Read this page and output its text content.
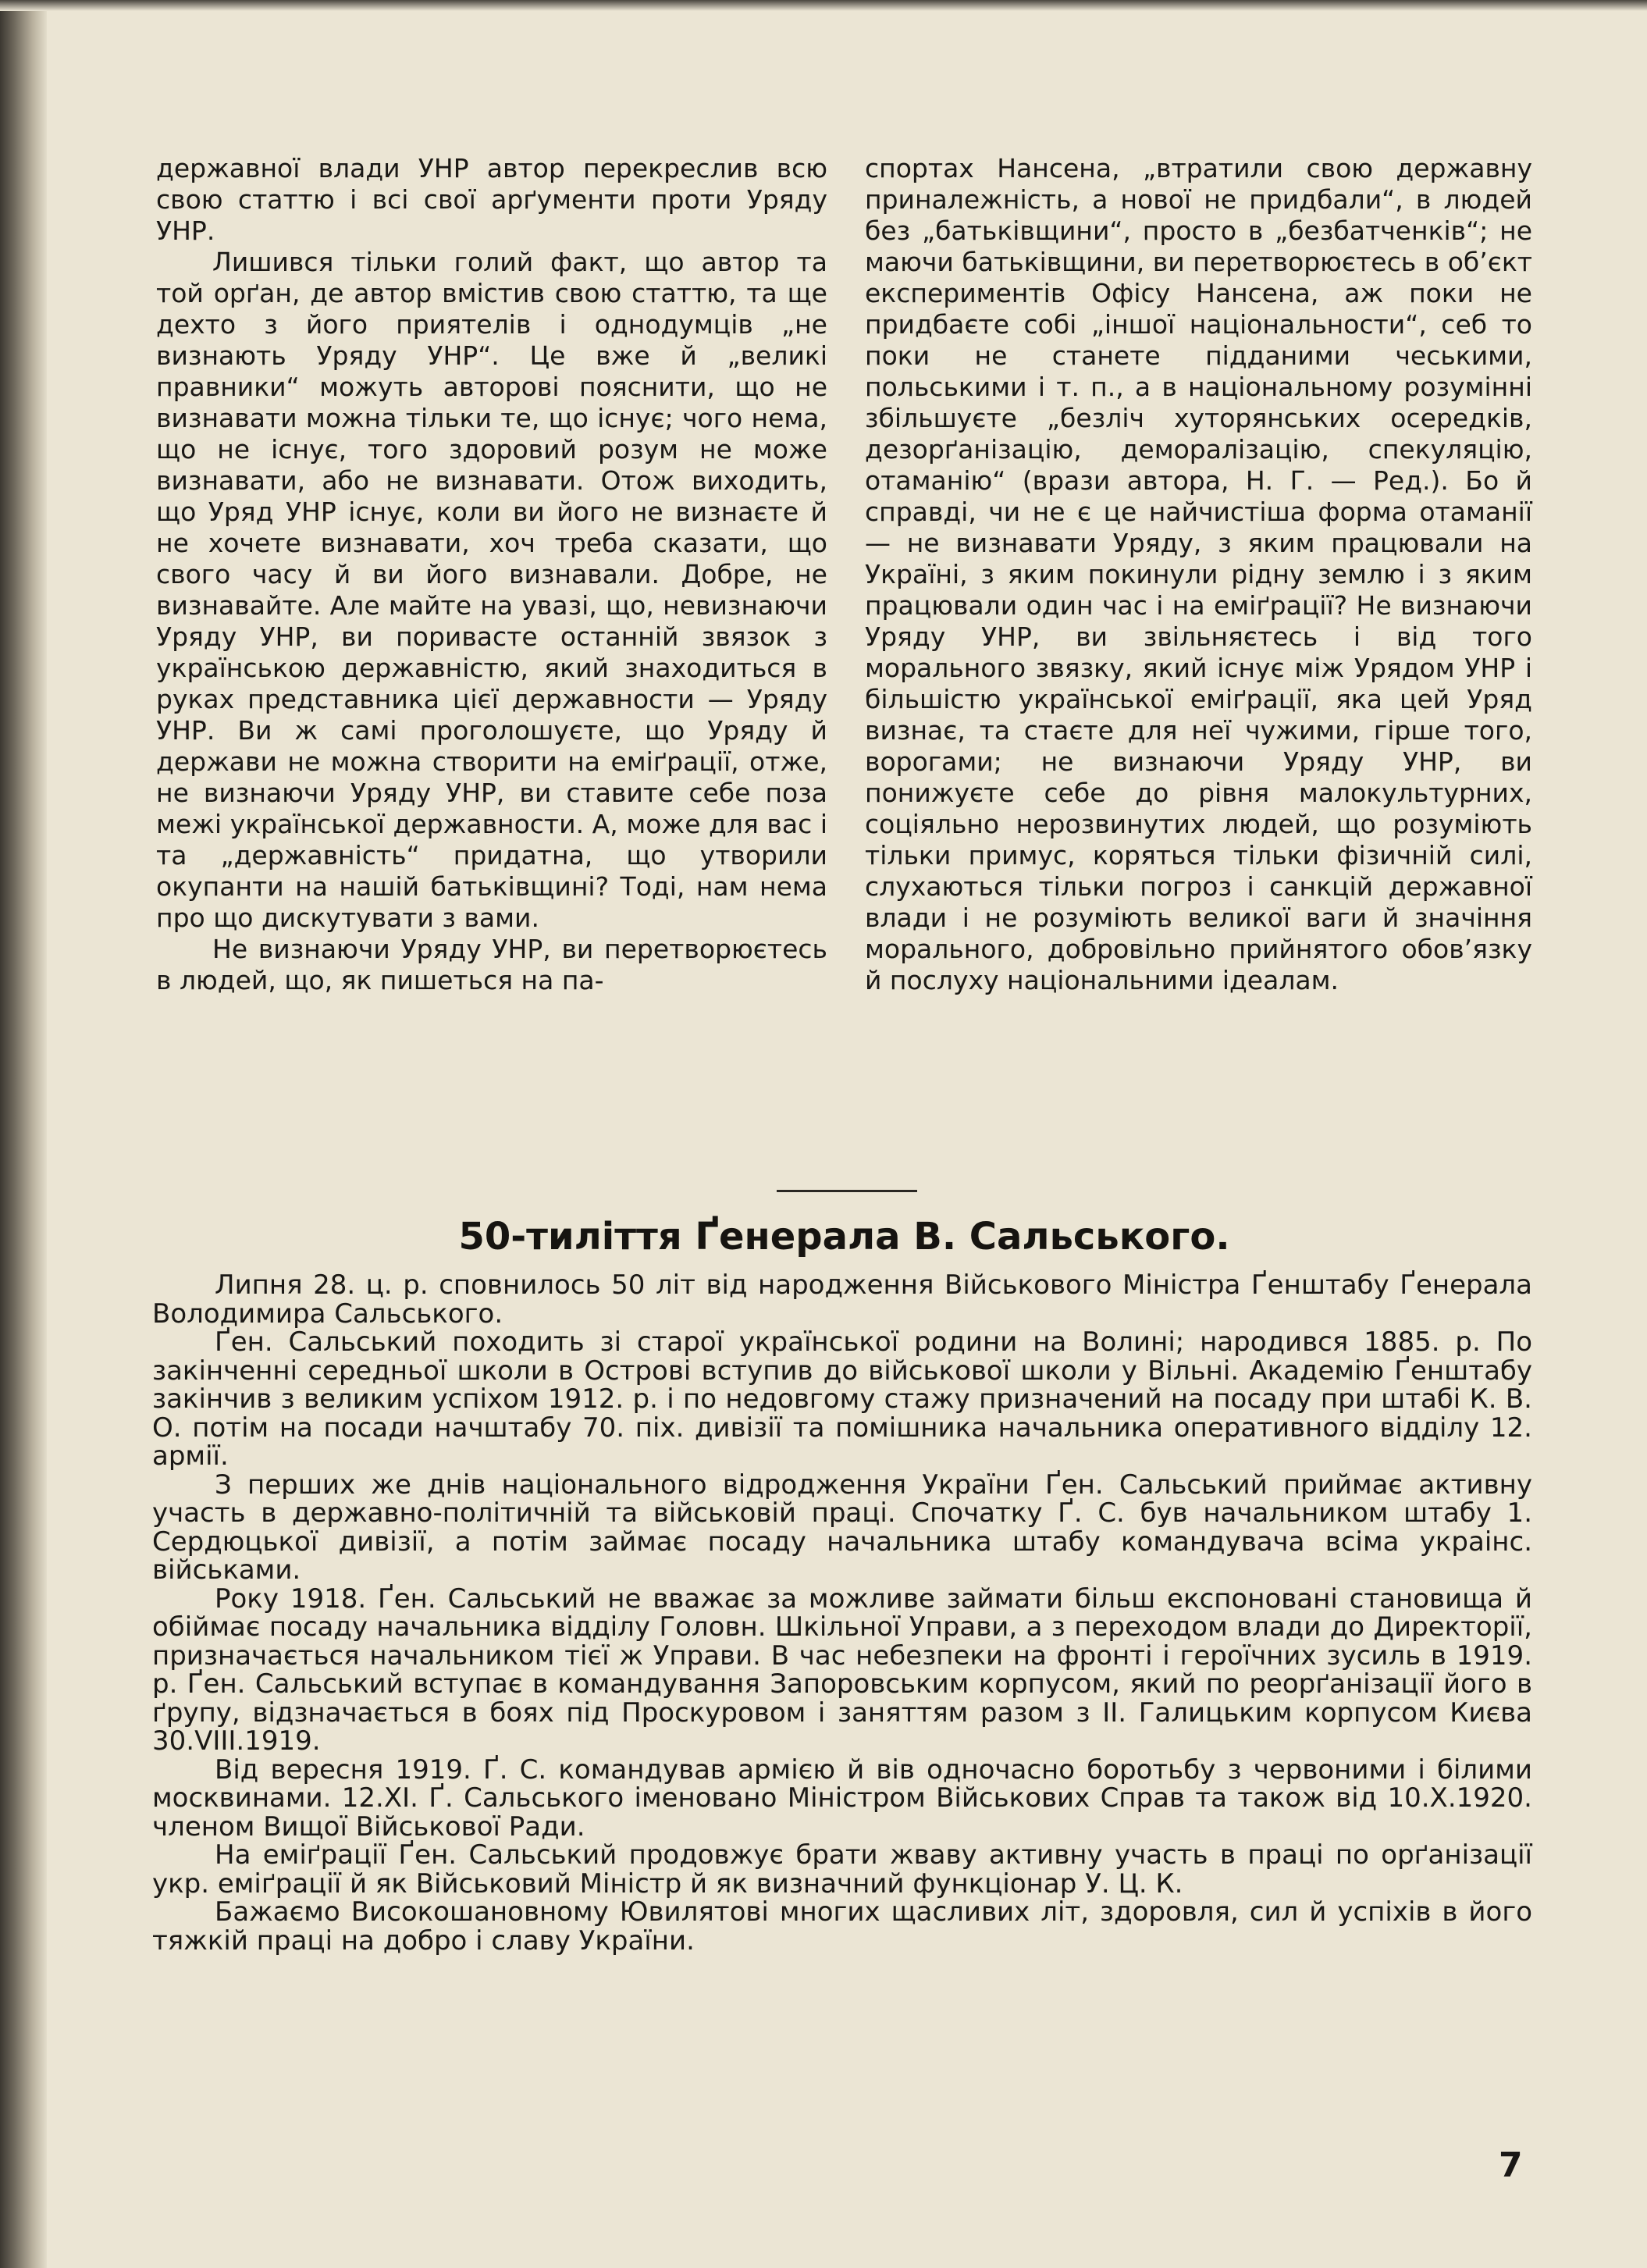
державної влади УНР автор перекреслив всю свою статтю і всі свої арґументи проти Уряду УНР.

Лишився тільки голий факт, що автор та той орґан, де автор вмістив свою статтю, та ще дехто з його приятелів і однодумців „не визнають Уряду УНР“. Це вже й „великі правники“ можуть авторові пояснити, що не визнавати можна тільки те, що існує; чого нема, що не існує, того здоровий розум не може визнавати, або не визнавати. Отож виходить, що Уряд УНР існує, коли ви його не визнаєте й не хочете визнавати, хоч треба сказати, що свого часу й ви його визнавали. Добре, не визнавайте. Але майте на увазі, що, невизнаючи Уряду УНР, ви поривасте останній звязок з українською державністю, який знаходиться в руках представника цієї державности — Уряду УНР. Ви ж самі проголошуєте, що Уряду й держави не можна створити на еміґрації, отже, не визнаючи Уряду УНР, ви ставите себе поза межі української державности. А, може для вас і та „державність“ придатна, що утворили окупанти на нашій батьківщині? Тоді, нам нема про що дискутувати з вами.

Не визнаючи Уряду УНР, ви перетворюєтесь в людей, що, як пишеться на па-

спортах Нансена, „втратили свою державну приналежність, а нової не придбали“, в людей без „батьківщини“, просто в „безбатченків“; не маючи батьківщини, ви перетворюєтесь в об’єкт експериментів Офісу Нансена, аж поки не придбаєте собі „іншої національности“, себ то поки не станете підданими чеськими, польськими і т. п., а в національному розумінні збільшуєте „безліч хуторянських осередків, дезорґанізацію, деморалізацію, спекуляцію, отаманію“ (врази автора, Н. Г. — Ред.). Бо й справді, чи не є це найчистіша форма отаманії — не визнавати Уряду, з яким працювали на Україні, з яким покинули рідну землю і з яким працювали один час і на еміґрації? Не визнаючи Уряду УНР, ви звільняєтесь і від того морального звязку, який існує між Урядом УНР і більшістю української еміґрації, яка цей Уряд визнає, та стаєте для неї чужими, гірше того, ворогами; не визнаючи Уряду УНР, ви понижуєте себе до рівня малокультурних, соціяльно нерозвинутих людей, що розуміють тільки примус, коряться тільки фізичній силі, слухаються тільки погроз і санкцій державної влади і не розуміють великої ваги й значіння морального, добровільно прийнятого обов’язку й послуху національними ідеалам.

50-тиліття Ґенерала В. Сальського.

Липня 28. ц. р. сповнилось 50 літ від народження Військового Міністра Ґенштабу Ґенерала Володимира Сальського.

Ґен. Сальський походить зі старої української родини на Волині; народився 1885. р. По закінченні середньої школи в Острові вступив до військової школи у Вільні. Академію Ґенштабу закінчив з великим успіхом 1912. р. і по недовгому стажу призначений на посаду при штабі К. В. О. потім на посади начштабу 70. піх. дивізії та помішника начальника оперативного відділу 12. армії.

З перших же днів національного відродження України Ґен. Сальський приймає активну участь в державно-політичній та військовій праці. Спочатку Ґ. С. був начальником штабу 1. Сердюцької дивізії, а потім займає посаду начальника штабу командувача всіма украінс. військами.

Року 1918. Ґен. Сальський не вважає за можливе займати більш експоновані становища й обіймає посаду начальника відділу Головн. Шкільної Управи, а з переходом влади до Директорії, призначається начальником тієї ж Управи. В час небезпеки на фронті і героїчних зусиль в 1919. р. Ґен. Сальський вступає в командування Запоровським корпусом, який по реорґанізації його в ґрупу, відзначається в боях під Проскуровом і заняттям разом з ІІ. Галицьким корпусом Києва 30.VIII.1919.

Від вересня 1919. Ґ. С. командував армією й вів одночасно боротьбу з червоними і білими москвинами. 12.XI. Ґ. Сальського іменовано Міністром Військових Справ та також від 10.X.1920. членом Вищої Військової Ради.

На еміґрації Ґен. Сальський продовжує брати жваву активну участь в праці по орґанізації укр. еміґрації й як Військовий Міністр й як визначний функціонар У. Ц. К.

Бажаємо Високошановному Ювилятові многих щасливих літ, здоровля, сил й успіхів в його тяжкій праці на добро і славу України.

7
